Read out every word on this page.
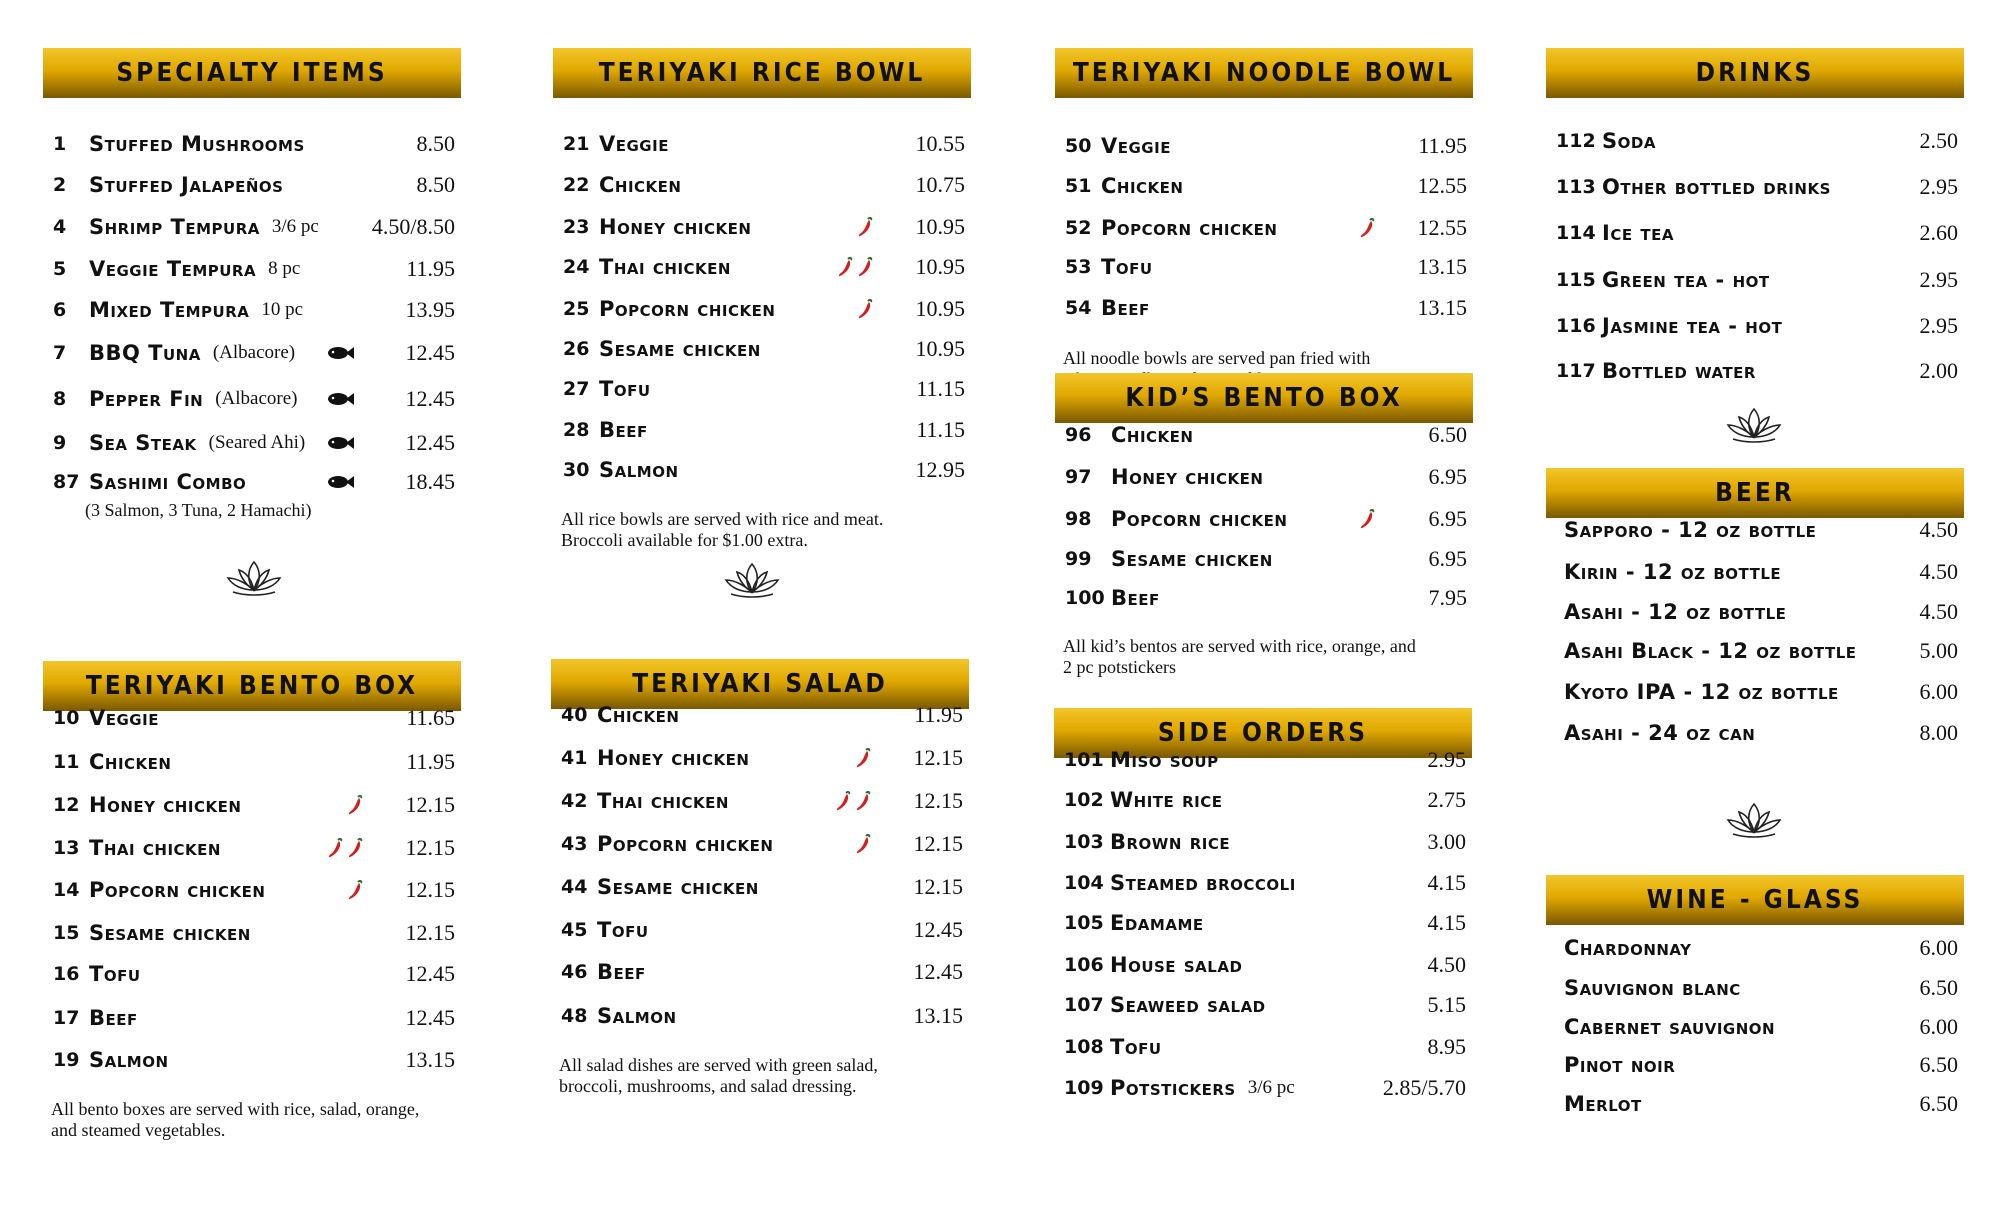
SPECIALTY ITEMS
1	Stuffed Mushrooms	8.50
2	Stuffed Jalapeños	8.50
4	Shrimp Tempura 3/6 pc 4.50/8.50
5	Veggie Tempura 8 pc	11.95
6	Mixed Tempura 10 pc	13.95
7	BBQ Tuna (Albacore)	12.45
8	Pepper Fin (Albacore)	12.45
9	Sea Steak (Seared Ahi)	12.45
87 Sashimi Combo	18.45
(3 Salmon, 3 Tuna, 2 Hamachi)
TERIYAKI RICE BOWL
21 Veggie	10.55
22 Chicken	10.75
23 Honey chicken	10.95
24 Thai chicken	10.95
25 Popcorn chicken	10.95
26 Sesame chicken	10.95
27 Tofu	11.15
28 Beef	11.15
30 Salmon	12.95
All rice bowls are served with rice and meat.
Broccoli available for $1.00 extra.
TERIYAKI NOODLE BOWL
50 Veggie	11.95
51 Chicken	12.55
52 Popcorn chicken	12.55
53 Tofu	13.15
54 Beef	13.15
All noodle bowls are served pan fried with

DRINKS
112 Soda	2.50
113 Other bottled drinks	2.95
114 Ice tea	2.60
115 Green tea - hot	2.95
116 Jasmine tea - hot	2.95
117 Bottled water	2.00
KID’S BENTO BOX
96 Chicken	6.50
97 Honey chicken	6.95
98 Popcorn chicken	6.95
99 Sesame chicken	6.95
100 Beef	7.95
All kid’s bentos are served with rice, orange, and
2 pc potstickers
BEER
Sapporo - 12 oz bottle	4.50
Kirin - 12 oz bottle	4.50
Asahi - 12 oz bottle	4.50
Asahi Black - 12 oz bottle	5.00
Kyoto IPA - 12 oz bottle	6.00
Asahi - 24 oz can	8.00
TERIYAKI BENTO BOX
10 Veggie	11.65
11 Chicken	11.95
12 Honey chicken	12.15
13 Thai chicken	12.15
14 Popcorn chicken	12.15
15 Sesame chicken	12.15
16 Tofu	12.45
17 Beef	12.45
19 Salmon	13.15
All bento boxes are served with rice, salad, orange,
and steamed vegetables.
TERIYAKI SALAD
40 Chicken	11.95
41 Honey chicken	12.15
42 Thai chicken	12.15
43 Popcorn chicken	12.15
44 Sesame chicken	12.15
45 Tofu	12.45
46 Beef	12.45
48 Salmon	13.15
All salad dishes are served with green salad,
broccoli, mushrooms, and salad dressing.
SIDE ORDERS
101 Miso soup	2.95
102 White rice	2.75
103 Brown rice	3.00
104 Steamed broccoli	4.15
105 Edamame	4.15
106 House salad	4.50
107 Seaweed salad	5.15
108 Tofu	8.95
109 Potstickers 3/6 pc	2.85/5.70
WINE - GLASS
Chardonnay	6.00
Sauvignon blanc	6.50
Cabernet sauvignon	6.00
Pinot noir	6.50
Merlot	6.50
